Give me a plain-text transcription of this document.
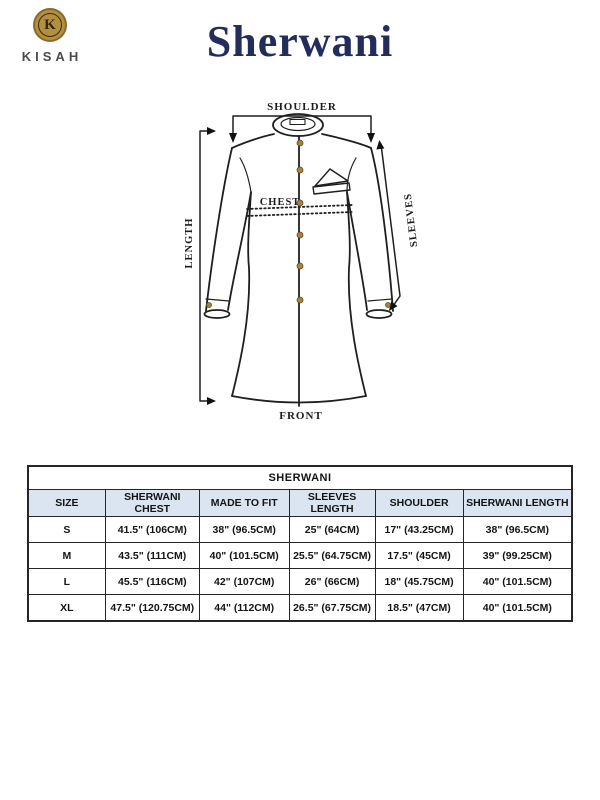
K
KISAH	Sherwani
SHOULDER
CHEST
LENGTH	SLEEVES
FRONT
SHERWANI					
SIZE	SHERWANI CHEST	MADE TO FIT	SLEEVES LENGTH	SHOULDER	SHERWANI LENGTH
S	41.5" (106CM)	38" (96.5CM)	25" (64CM)	17" (43.25CM)	38" (96.5CM)
M	43.5" (111CM)	40" (101.5CM)	25.5" (64.75CM)	17.5" (45CM)	39" (99.25CM)
L	45.5" (116CM)	42" (107CM)	26" (66CM)	18" (45.75CM)	40" (101.5CM)
XL	47.5" (120.75CM)	44" (112CM)	26.5" (67.75CM)	18.5" (47CM)	40" (101.5CM)
